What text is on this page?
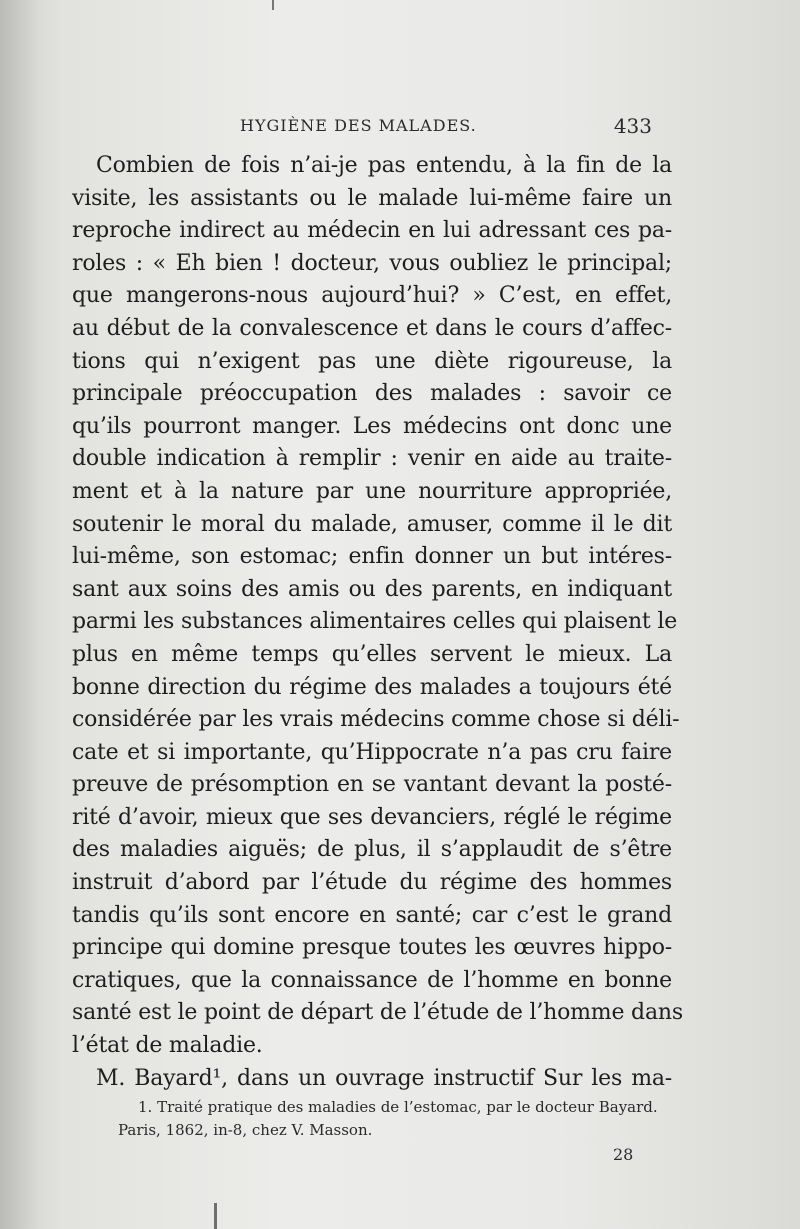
HYGIÈNE DES MALADES.	433
Combien de fois n’ai-je pas entendu, à la fin de la
visite, les assistants ou le malade lui-même faire un
reproche indirect au médecin en lui adressant ces pa-
roles : « Eh bien ! docteur, vous oubliez le principal;
que mangerons-nous aujourd’hui? » C’est, en effet,
au début de la convalescence et dans le cours d’affec-
tions qui n’exigent pas une diète rigoureuse, la
principale préoccupation des malades : savoir ce
qu’ils pourront manger. Les médecins ont donc une
double indication à remplir : venir en aide au traite-
ment et à la nature par une nourriture appropriée,
soutenir le moral du malade, amuser, comme il le dit
lui-même, son estomac; enfin donner un but intéres-
sant aux soins des amis ou des parents, en indiquant
parmi les substances alimentaires celles qui plaisent le
plus en même temps qu’elles servent le mieux. La
bonne direction du régime des malades a toujours été
considérée par les vrais médecins comme chose si déli-
cate et si importante, qu’Hippocrate n’a pas cru faire
preuve de présomption en se vantant devant la posté-
rité d’avoir, mieux que ses devanciers, réglé le régime
des maladies aiguës; de plus, il s’applaudit de s’être
instruit d’abord par l’étude du régime des hommes
tandis qu’ils sont encore en santé; car c’est le grand
principe qui domine presque toutes les œuvres hippo-
cratiques, que la connaissance de l’homme en bonne
santé est le point de départ de l’étude de l’homme dans
l’état de maladie.
M. Bayard¹, dans un ouvrage instructif Sur les ma-
1. Traité pratique des maladies de l’estomac, par le docteur Bayard.
Paris, 1862, in-8, chez V. Masson.
28
